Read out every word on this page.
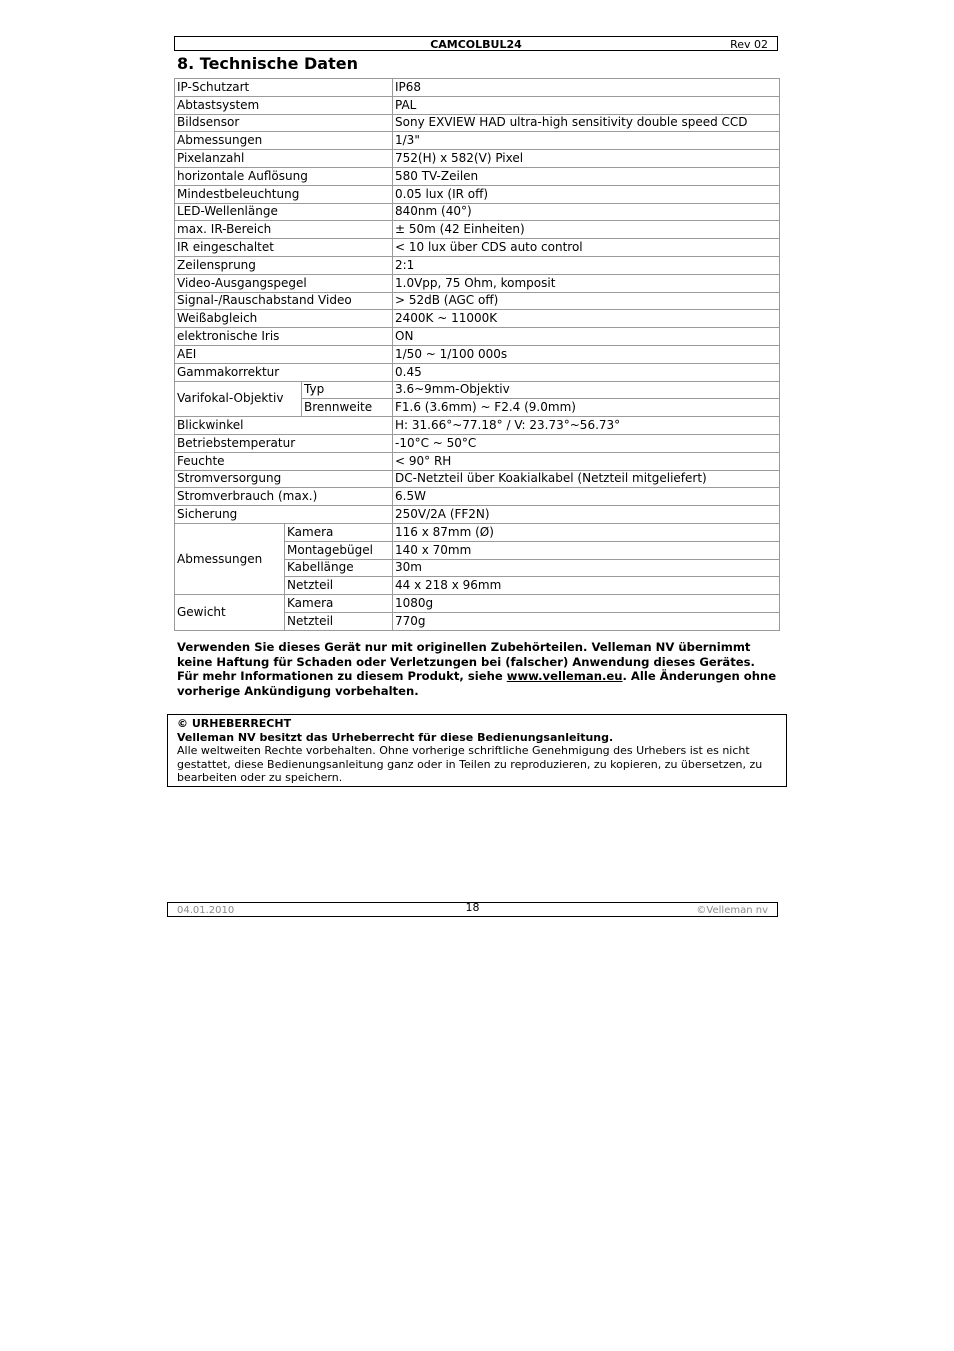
CAMCOLBUL24	Rev 02
8. Technische Daten
IP-Schutzart			IP68
Abtastsystem			PAL
Bildsensor			Sony EXVIEW HAD ultra-high sensitivity double speed CCD
Abmessungen			1/3"
Pixelanzahl			752(H) x 582(V) Pixel
horizontale Auflösung			580 TV-Zeilen
Mindestbeleuchtung			0.05 lux (IR off)
LED-Wellenlänge			840nm (40°)
max. IR-Bereich			± 50m (42 Einheiten)
IR eingeschaltet			< 10 lux über CDS auto control
Zeilensprung			2:1
Video-Ausgangspegel			1.0Vpp, 75 Ohm, komposit
Signal-/Rauschabstand Video			> 52dB (AGC off)
Weißabgleich			2400K ~ 11000K
elektronische Iris			ON
AEI			1/50 ~ 1/100 000s
Gammakorrektur			0.45
Varifokal-Objektiv		Typ	3.6~9mm-Objektiv
		Brennweite	F1.6 (3.6mm) ~ F2.4 (9.0mm)
Blickwinkel			H: 31.66°~77.18° / V: 23.73°~56.73°
Betriebstemperatur			-10°C ~ 50°C
Feuchte			< 90° RH
Stromversorgung			DC-Netzteil über Koakialkabel (Netzteil mitgeliefert)
Stromverbrauch (max.)			6.5W
Sicherung			250V/2A (FF2N)
Abmessungen	Kamera		116 x 87mm (Ø)
	Montagebügel		140 x 70mm
	Kabellänge		30m
	Netzteil		44 x 218 x 96mm
Gewicht	Kamera		1080g
	Netzteil		770g
Verwenden Sie dieses Gerät nur mit originellen Zubehörteilen. Velleman NV übernimmt keine Haftung für Schaden oder Verletzungen bei (falscher) Anwendung dieses Gerätes. Für mehr Informationen zu diesem Produkt, siehe www.velleman.eu. Alle Änderungen ohne vorherige Ankündigung vorbehalten.
© URHEBERRECHT
Velleman NV besitzt das Urheberrecht für diese Bedienungsanleitung.
Alle weltweiten Rechte vorbehalten. Ohne vorherige schriftliche Genehmigung des Urhebers ist es nicht gestattet, diese Bedienungsanleitung ganz oder in Teilen zu reproduzieren, zu kopieren, zu übersetzen, zu bearbeiten oder zu speichern.
04.01.2010	18	©Velleman nv
